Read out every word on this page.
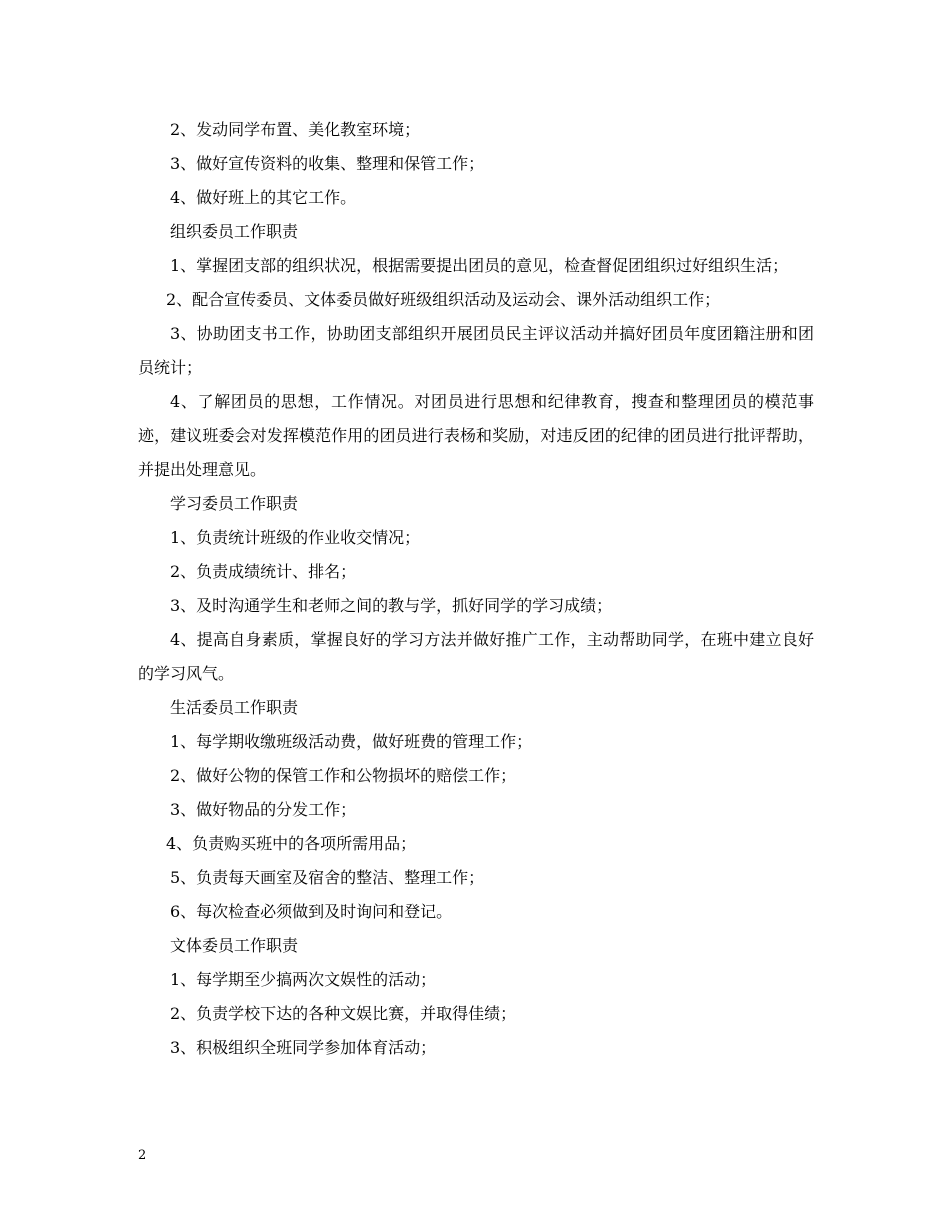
2、发动同学布置、美化教室环境；

3、做好宣传资料的收集、整理和保管工作；

4、做好班上的其它工作。

组织委员工作职责

1、掌握团支部的组织状况，根据需要提出团员的意见，检查督促团组织过好组织生活；

2、配合宣传委员、文体委员做好班级组织活动及运动会、课外活动组织工作；

3、协助团支书工作，协助团支部组织开展团员民主评议活动并搞好团员年度团籍注册和团员统计；

4、了解团员的思想，工作情况。对团员进行思想和纪律教育，搜查和整理团员的模范事迹，建议班委会对发挥模范作用的团员进行表杨和奖励，对违反团的纪律的团员进行批评帮助，并提出处理意见。

学习委员工作职责

1、负责统计班级的作业收交情况；

2、负责成绩统计、排名；

3、及时沟通学生和老师之间的教与学，抓好同学的学习成绩；

4、提高自身素质，掌握良好的学习方法并做好推广工作，主动帮助同学，在班中建立良好的学习风气。

生活委员工作职责

1、每学期收缴班级活动费，做好班费的管理工作；

2、做好公物的保管工作和公物损坏的赔偿工作；

3、做好物品的分发工作；

4、负责购买班中的各项所需用品；

5、负责每天画室及宿舍的整洁、整理工作；

6、每次检查必须做到及时询问和登记。

文体委员工作职责

1、每学期至少搞两次文娱性的活动；

2、负责学校下达的各种文娱比赛，并取得佳绩；

3、积极组织全班同学参加体育活动；

2
